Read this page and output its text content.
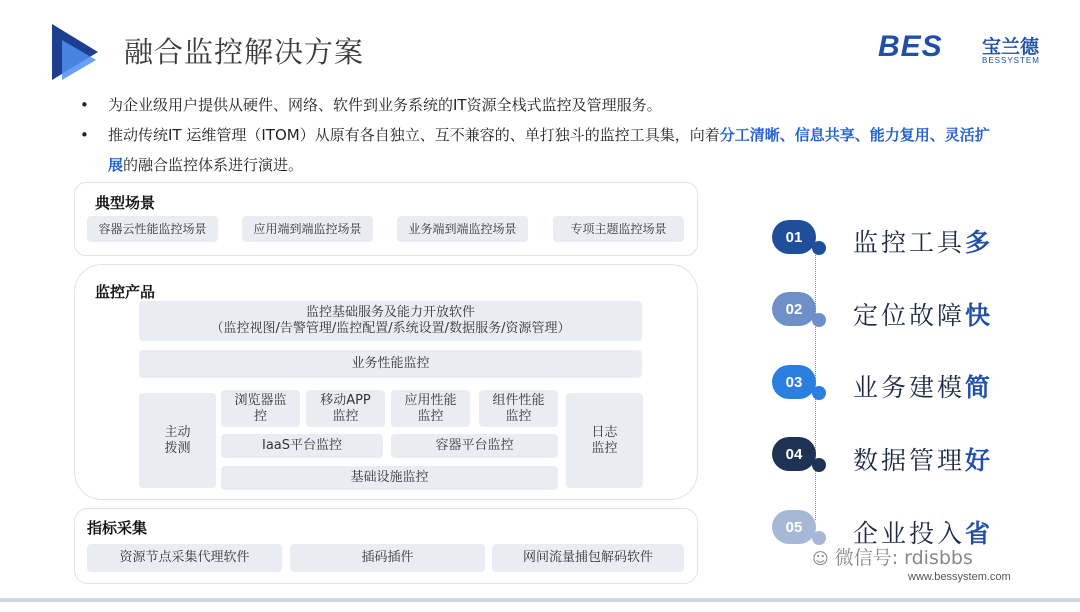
融合监控解决方案	BES 宝兰德
BESSYSTEM
• 为企业级用户提供从硬件、网络、软件到业务系统的IT资源全栈式监控及管理服务。
• 推动传统IT 运维管理（ITOM）从原有各自独立、互不兼容的、单打独斗的监控工具集，向着分工清晰、信息共享、能力复用、灵活扩展的融合监控体系进行演进。
典型场景
容器云性能监控场景	应用端到端监控场景	业务端到端监控场景	专项主题监控场景
监控产品
监控基础服务及能力开放软件
（监控视图/告警管理/监控配置/系统设置/数据服务/资源管理）
业务性能监控
主动
拨测
浏览器监
控
移动APP
监控
应用性能
监控
组件性能
监控
日志
监控
IaaS平台监控	容器平台监控
基础设施监控
指标采集
资源节点采集代理软件	插码插件	网间流量捕包解码软件
01	监控工具多
02	定位故障快
03	业务建模简
04	数据管理好
05	企业投入省
☺ 微信号: rdisbbs
www.bessystem.com
